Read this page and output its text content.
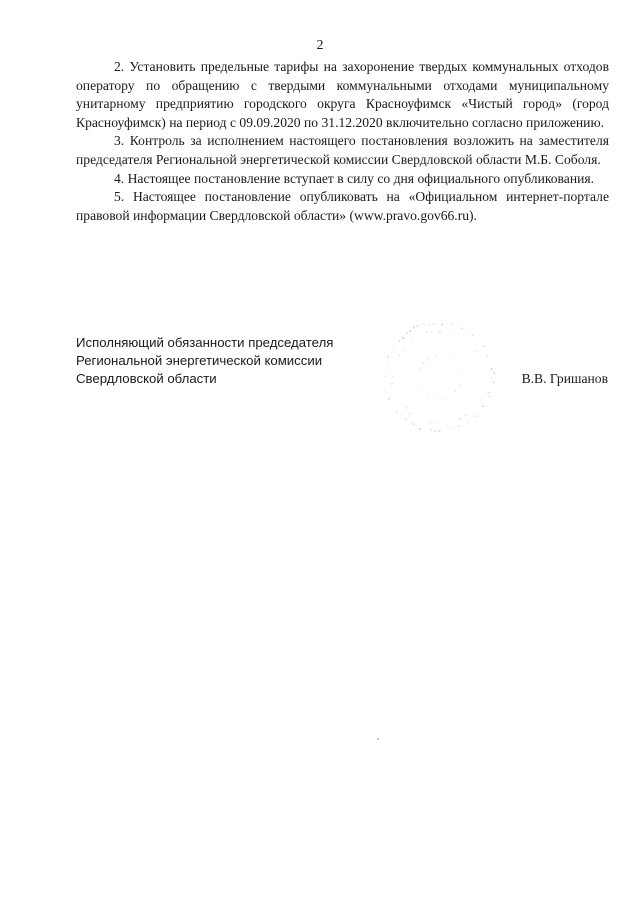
2

2. Установить предельные тарифы на захоронение твердых коммунальных отходов оператору по обращению с твердыми коммунальными отходами муниципальному унитарному предприятию городского округа Красноуфимск «Чистый город» (город Красноуфимск) на период с 09.09.2020 по 31.12.2020 включительно согласно приложению.

3. Контроль за исполнением настоящего постановления возложить на заместителя председателя Региональной энергетической комиссии Свердловской области М.Б. Соболя.

4. Настоящее постановление вступает в силу со дня официального опубликования.

5. Настоящее постановление опубликовать на «Официальном интернет-портале правовой информации Свердловской области» (www.pravo.gov66.ru).

Исполняющий обязанности председателя
Региональной энергетической комиссии
Свердловской области	В.В. Гришанов
